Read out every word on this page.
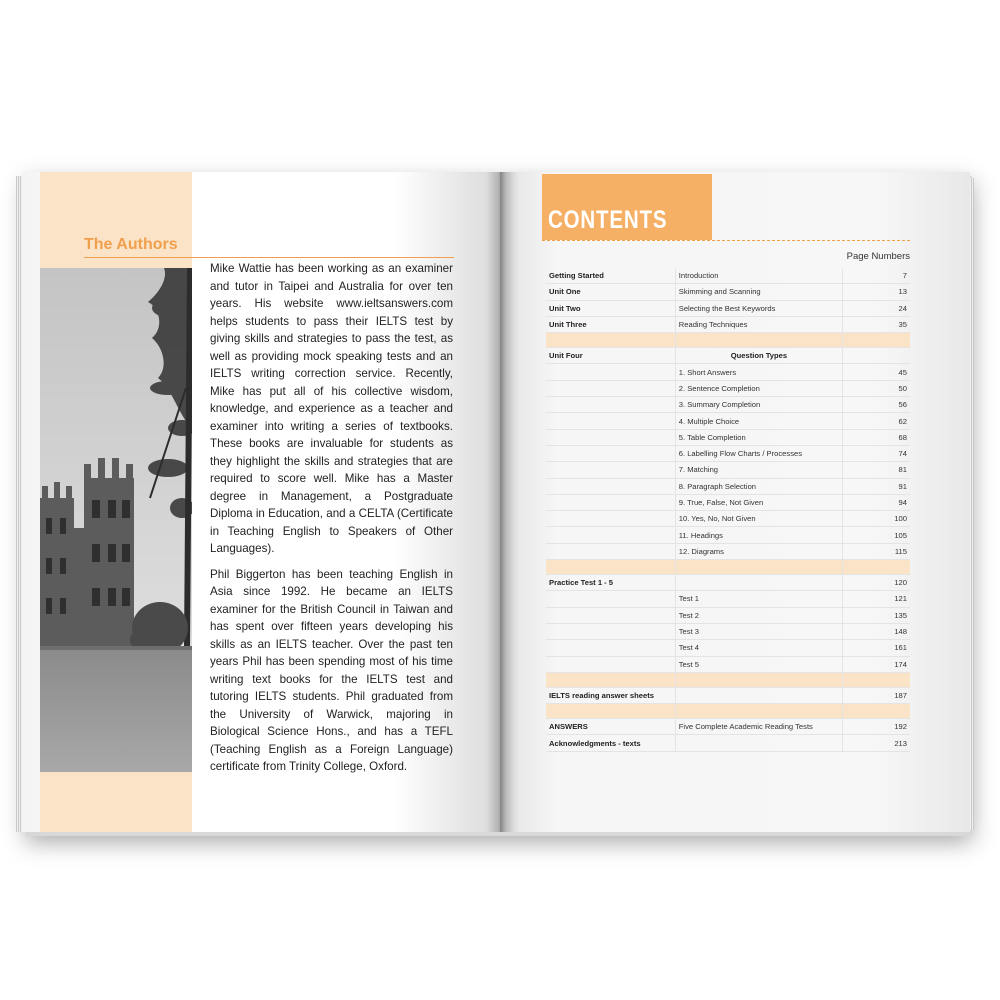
The Authors

Mike Wattie has been working as an examiner and tutor in Taipei and Australia for over ten years. His website www.ieltsanswers.com helps students to pass their IELTS test by giving skills and strategies to pass the test, as well as providing mock speaking tests and an IELTS writing correction service. Recently, Mike has put all of his collective wisdom, knowledge, and experience as a teacher and examiner into writing a series of textbooks. These books are invaluable for students as they highlight the skills and strategies that are required to score well. Mike has a Master degree in Management, a Postgraduate Diploma in Education, and a CELTA (Certificate in Teaching English to Speakers of Other Languages).

Phil Biggerton has been teaching English in Asia since 1992. He became an IELTS examiner for the British Council in Taiwan and has spent over fifteen years developing his skills as an IELTS teacher. Over the past ten years Phil has been spending most of his time writing text books for the IELTS test and tutoring IELTS students. Phil graduated from the University of Warwick, majoring in Biological Science Hons., and has a TEFL (Teaching English as a Foreign Language) certificate from Trinity College, Oxford.

CONTENTS
Page Numbers
Getting Started	Introduction	7
Unit One	Skimming and Scanning	13
Unit Two	Selecting the Best Keywords	24
Unit Three	Reading Techniques	35

Unit Four	Question Types	
	1. Short Answers	45
	2. Sentence Completion	50
	3. Summary Completion	56
	4. Multiple Choice	62
	5. Table Completion	68
	6. Labelling Flow Charts / Processes	74
	7. Matching	81
	8. Paragraph Selection	91
	9. True, False, Not Given	94
	10. Yes, No, Not Given	100
	11. Headings	105
	12. Diagrams	115

Practice Test 1 - 5		120
	Test 1	121
	Test 2	135
	Test 3	148
	Test 4	161
	Test 5	174

IELTS reading answer sheets		187

ANSWERS	Five Complete Academic Reading Tests	192
Acknowledgments - texts		213
